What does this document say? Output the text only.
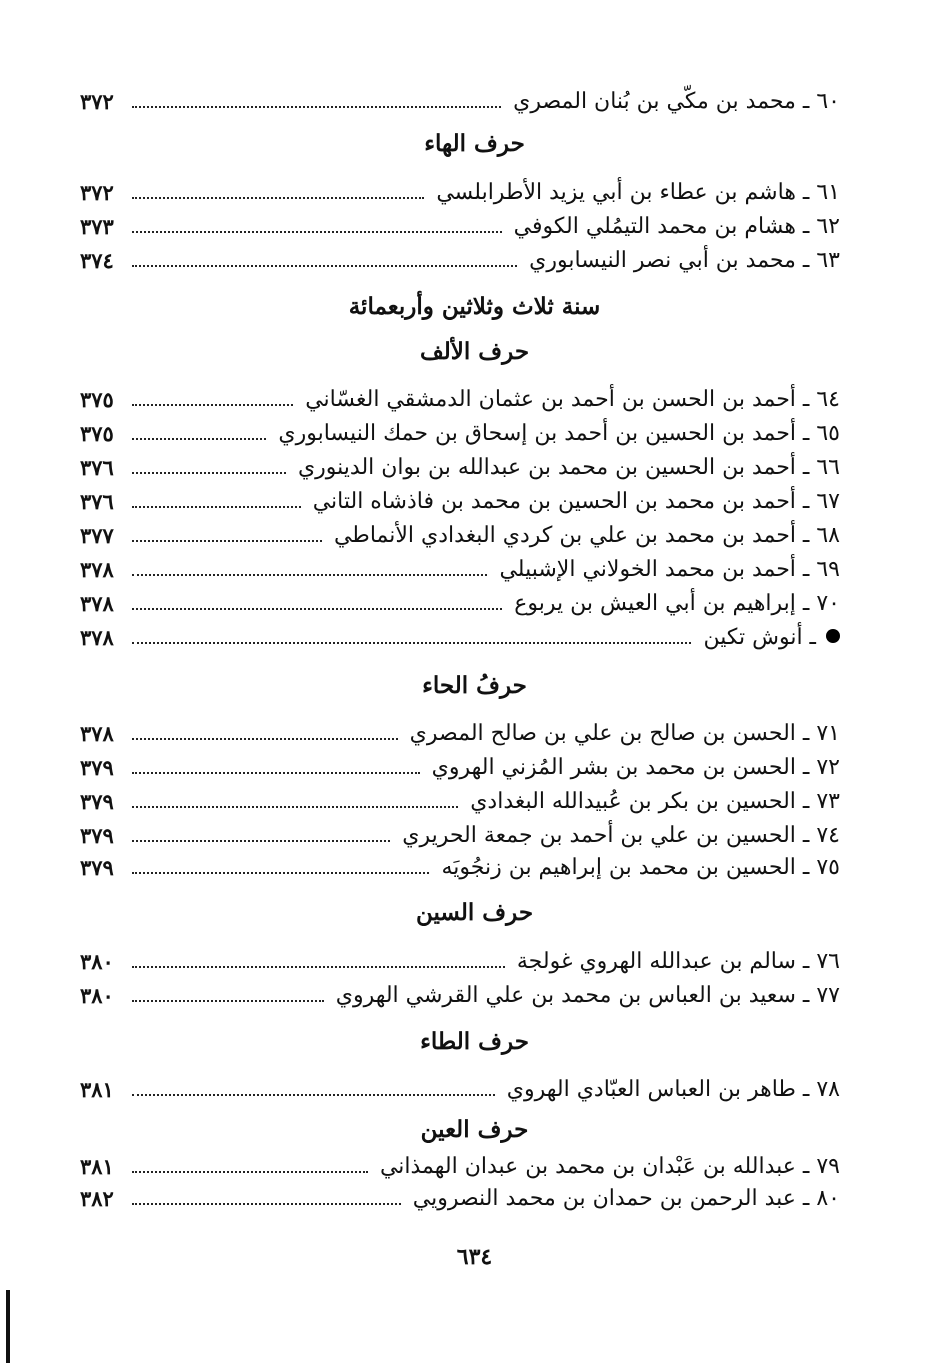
٦٠ ـ محمد بن مكّي بن بُنان المصري
٣٧٢
حرف الهاء
٦١ ـ هاشم بن عطاء بن أبي يزيد الأطرابلسي
٣٧٢
٦٢ ـ هشام بن محمد التيمُلي الكوفي
٣٧٣
٦٣ ـ محمد بن أبي نصر النيسابوري
٣٧٤
سنة ثلاث وثلاثين وأربعمائة
حرف الألف
٦٤ ـ أحمد بن الحسن بن أحمد بن عثمان الدمشقي الغسّاني
٣٧٥
٦٥ ـ أحمد بن الحسين بن أحمد بن إسحاق بن حمك النيسابوري
٣٧٥
٦٦ ـ أحمد بن الحسين بن محمد بن عبدالله بن بوان الدينوري
٣٧٦
٦٧ ـ أحمد بن محمد بن الحسين بن محمد بن فاذشاه التاني
٣٧٦
٦٨ ـ أحمد بن محمد بن علي بن كردي البغدادي الأنماطي
٣٧٧
٦٩ ـ أحمد بن محمد الخولاني الإشبيلي
٣٧٨
٧٠ ـ إبراهيم بن أبي العيش بن يربوع
٣٧٨
ـ أنوش تكين
٣٧٨
حرفُ الحاء
٧١ ـ الحسن بن صالح بن علي بن صالح المصري
٣٧٨
٧٢ ـ الحسن بن محمد بن بشر المُزني الهروي
٣٧٩
٧٣ ـ الحسين بن بكر بن عُبيدالله البغدادي
٣٧٩
٧٤ ـ الحسين بن علي بن أحمد بن جمعة الحريري
٣٧٩
٧٥ ـ الحسين بن محمد بن إبراهيم بن زنجُويَه
٣٧٩
حرف السين
٧٦ ـ سالم بن عبدالله الهروي غولجة
٣٨٠
٧٧ ـ سعيد بن العباس بن محمد بن علي القرشي الهروي
٣٨٠
حرف الطاء
٧٨ ـ طاهر بن العباس العبّادي الهروي
٣٨١
حرف العين
٧٩ ـ عبدالله بن عَبْدان بن محمد بن عبدان الهمذاني
٣٨١
٨٠ ـ عبد الرحمن بن حمدان بن محمد النصرويي
٣٨٢
٦٣٤
